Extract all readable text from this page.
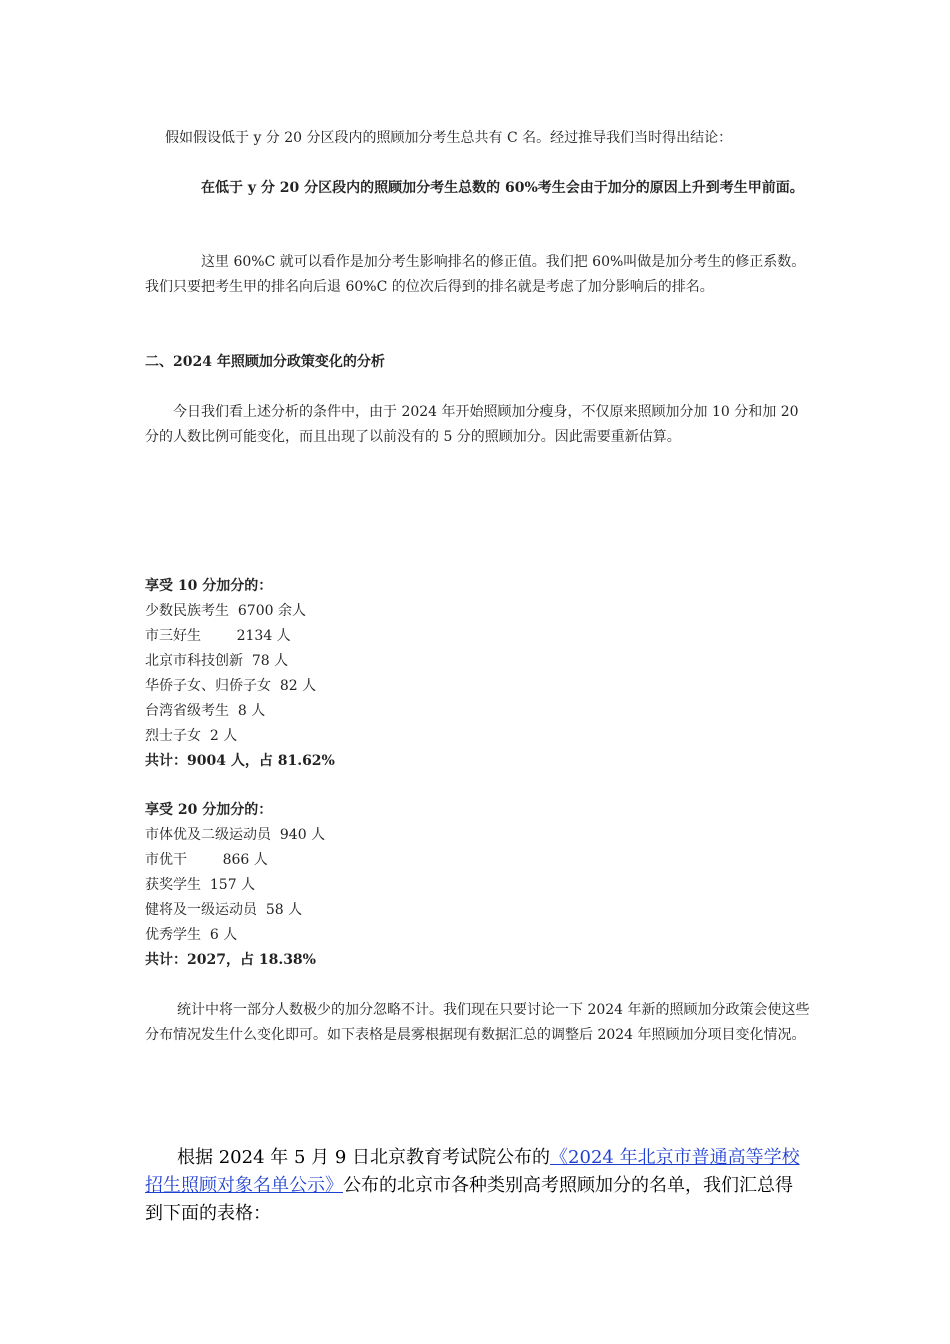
假如假设低于 y 分 20 分区段内的照顾加分考生总共有 C 名。经过推导我们当时得出结论：

在低于 y 分 20 分区段内的照顾加分考生总数的 60%考生会由于加分的原因上升到考生甲前面。

这里 60%C 就可以看作是加分考生影响排名的修正值。我们把 60%叫做是加分考生的修正系数。我们只要把考生甲的排名向后退 60%C 的位次后得到的排名就是考虑了加分影响后的排名。

二、2024 年照顾加分政策变化的分析

今日我们看上述分析的条件中，由于 2024 年开始照顾加分瘦身，不仅原来照顾加分加 10 分和加 20 分的人数比例可能变化，而且出现了以前没有的 5 分的照顾加分。因此需要重新估算。

享受 10 分加分的：

少数民族考生  6700 余人

市三好生        2134 人

北京市科技创新  78 人

华侨子女、归侨子女  82 人

台湾省级考生  8 人

烈士子女  2 人

共计：9004 人，占 81.62%

享受 20 分加分的：

市体优及二级运动员  940 人

市优干        866 人

获奖学生  157 人

健将及一级运动员  58 人

优秀学生  6 人

共计：2027，占 18.38%

统计中将一部分人数极少的加分忽略不计。我们现在只要讨论一下 2024 年新的照顾加分政策会使这些分布情况发生什么变化即可。如下表格是晨雾根据现有数据汇总的调整后 2024 年照顾加分项目变化情况。

根据 2024 年 5 月 9 日北京教育考试院公布的《2024 年北京市普通高等学校招生照顾对象名单公示》公布的北京市各种类别高考照顾加分的名单，我们汇总得到下面的表格：
